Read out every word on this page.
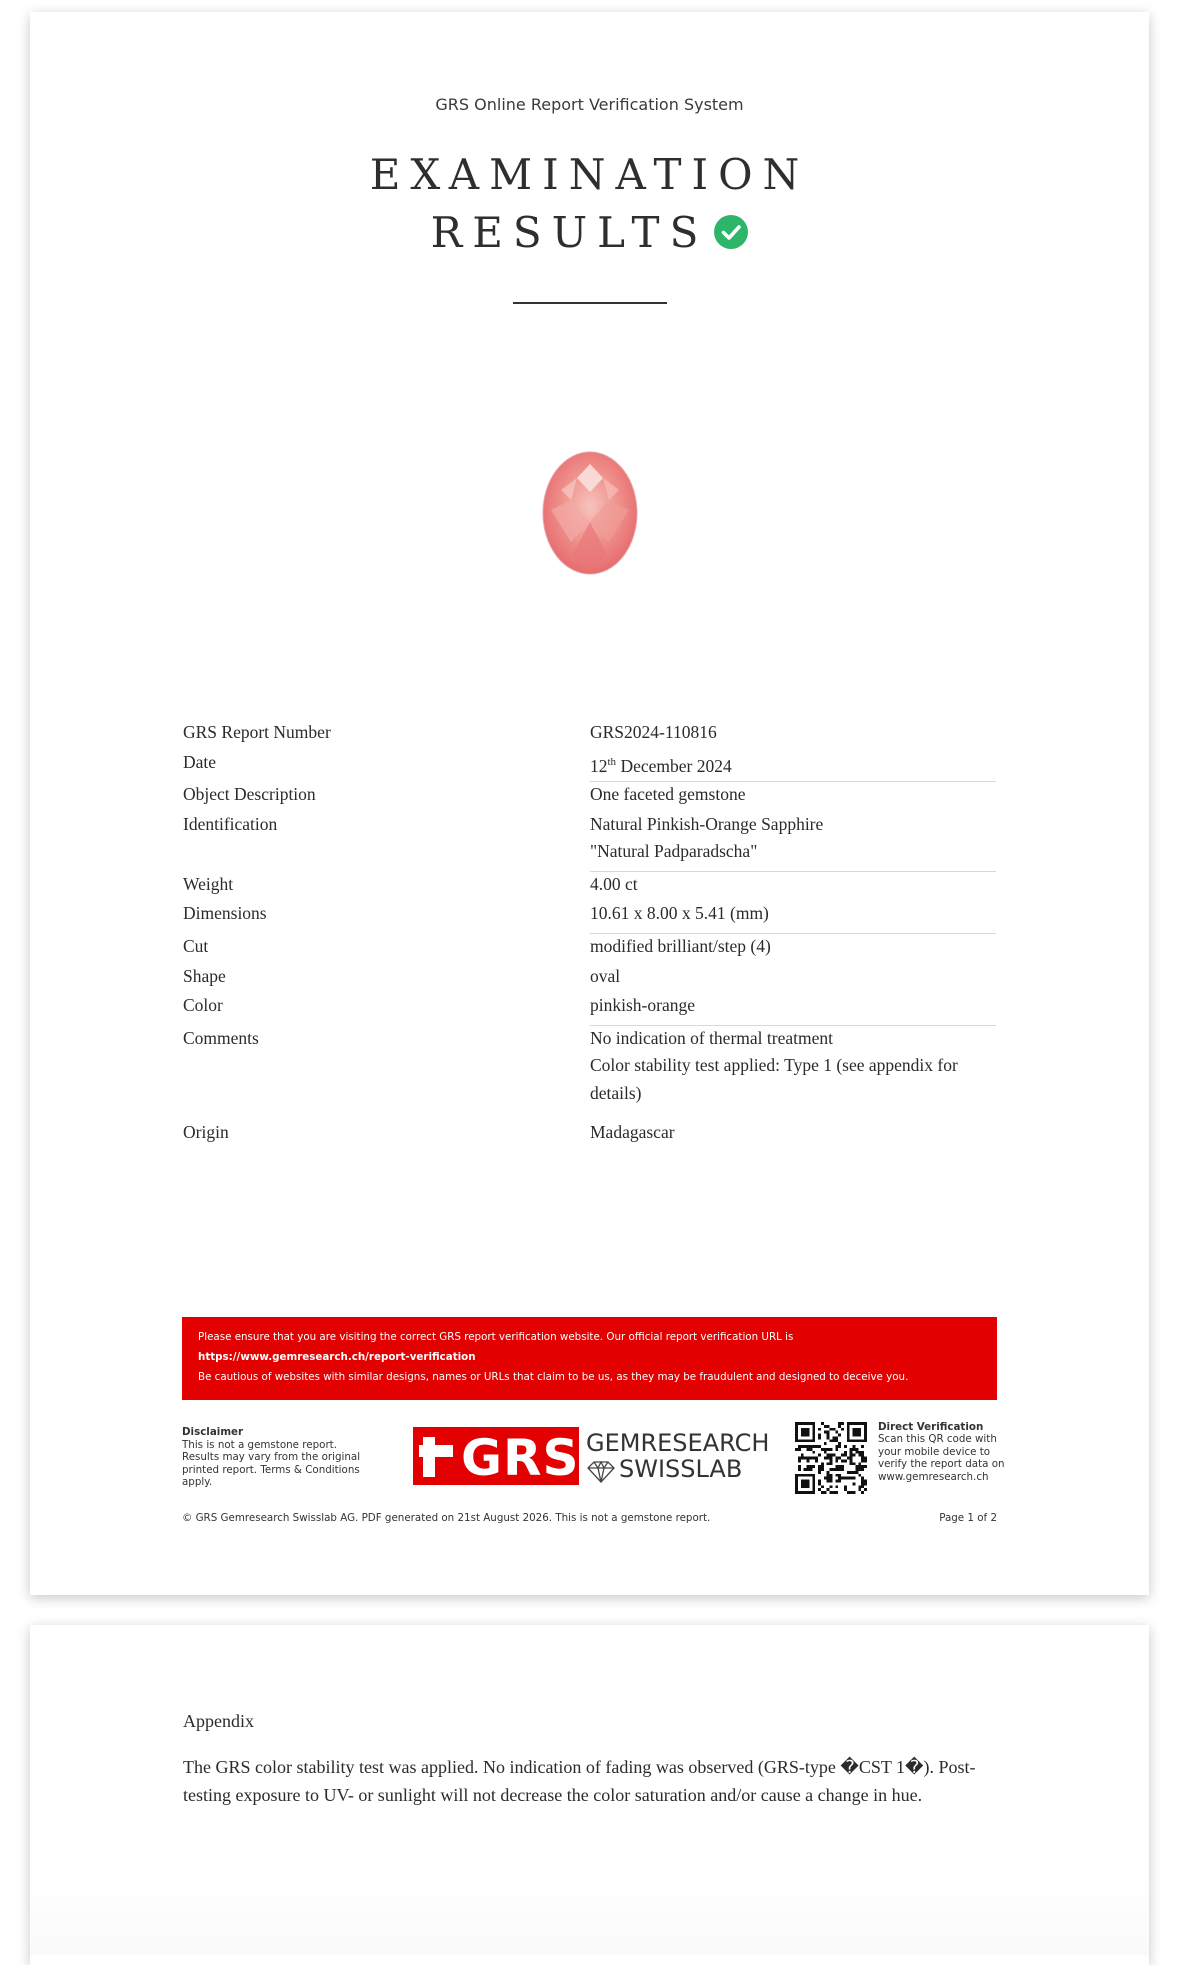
GRS Online Report Verification System
EXAMINATION
RESULTS
GRS Report Number	GRS2024-110816
Date	12th December 2024
Object Description	One faceted gemstone
Identification	Natural Pinkish-Orange Sapphire
"Natural Padparadscha"
Weight	4.00 ct
Dimensions	10.61 x 8.00 x 5.41 (mm)
Cut	modified brilliant/step (4)
Shape	oval
Color	pinkish-orange
Comments	No indication of thermal treatment
Color stability test applied: Type 1 (see appendix for details)
Origin	Madagascar
Please ensure that you are visiting the correct GRS report verification website. Our official report verification URL is
https://www.gemresearch.ch/report-verification
Be cautious of websites with similar designs, names or URLs that claim to be us, as they may be fraudulent and designed to deceive you.
Disclaimer
This is not a gemstone report. Results may vary from the original printed report. Terms & Conditions apply.	GRS GEMRESEARCH
SWISSLAB
Direct Verification
Scan this QR code with your mobile device to verify the report data on www.gemresearch.ch
© GRS Gemresearch Swisslab AG. PDF generated on 21st August 2026. This is not a gemstone report.	Page 1 of 2
Appendix
The GRS color stability test was applied. No indication of fading was observed (GRS-type �CST 1�). Post-testing exposure to UV- or sunlight will not decrease the color saturation and/or cause a change in hue.
